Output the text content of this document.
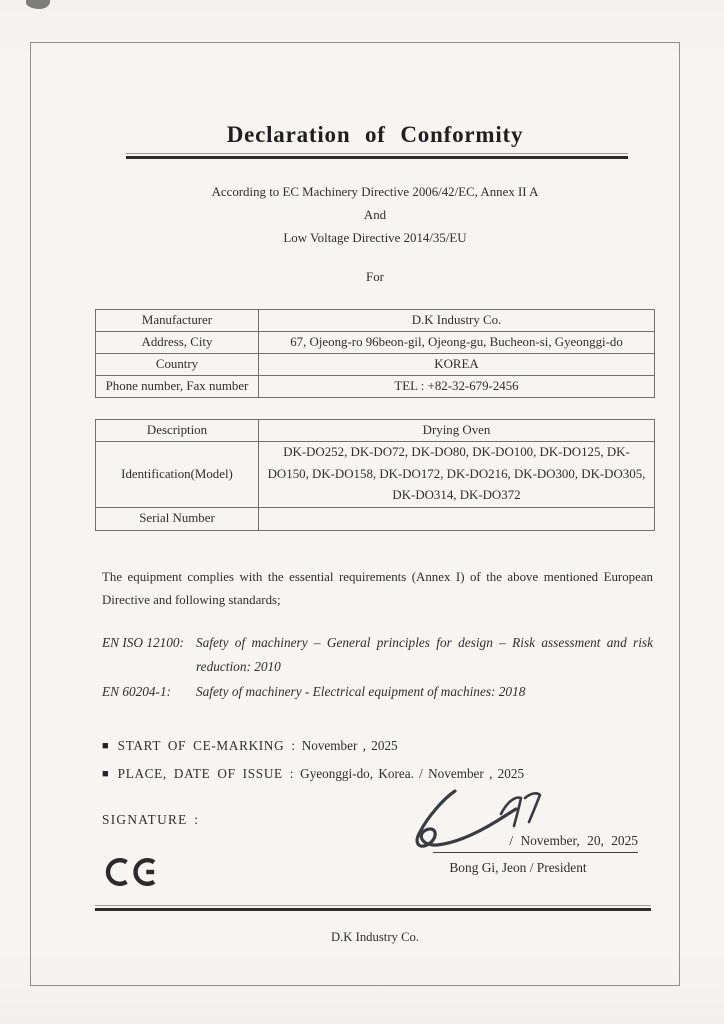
Declaration of Conformity
According to EC Machinery Directive 2006/42/EC, Annex II A
And
Low Voltage Directive 2014/35/EU
For
Manufacturer	D.K Industry Co.
Address, City	67, Ojeong-ro 96beon-gil, Ojeong-gu, Bucheon-si, Gyeonggi-do
Country	KOREA
Phone number, Fax number	TEL : +82-32-679-2456
Description	Drying Oven
Identification(Model)	DK-DO252, DK-DO72, DK-DO80, DK-DO100, DK-DO125, DK-DO150, DK-DO158, DK-DO172, DK-DO216, DK-DO300, DK-DO305, DK-DO314, DK-DO372
Serial Number	
The equipment complies with the essential requirements (Annex I) of the above mentioned European Directive and following standards;
EN ISO 12100: Safety of machinery – General principles for design – Risk assessment and risk reduction: 2010
EN 60204-1:	Safety of machinery - Electrical equipment of machines: 2018
■ START OF CE-MARKING : November , 2025
■ PLACE, DATE OF ISSUE : Gyeonggi-do, Korea. / November , 2025
SIGNATURE :
/ November, 20, 2025
Bong Gi, Jeon / President
D.K Industry Co.
